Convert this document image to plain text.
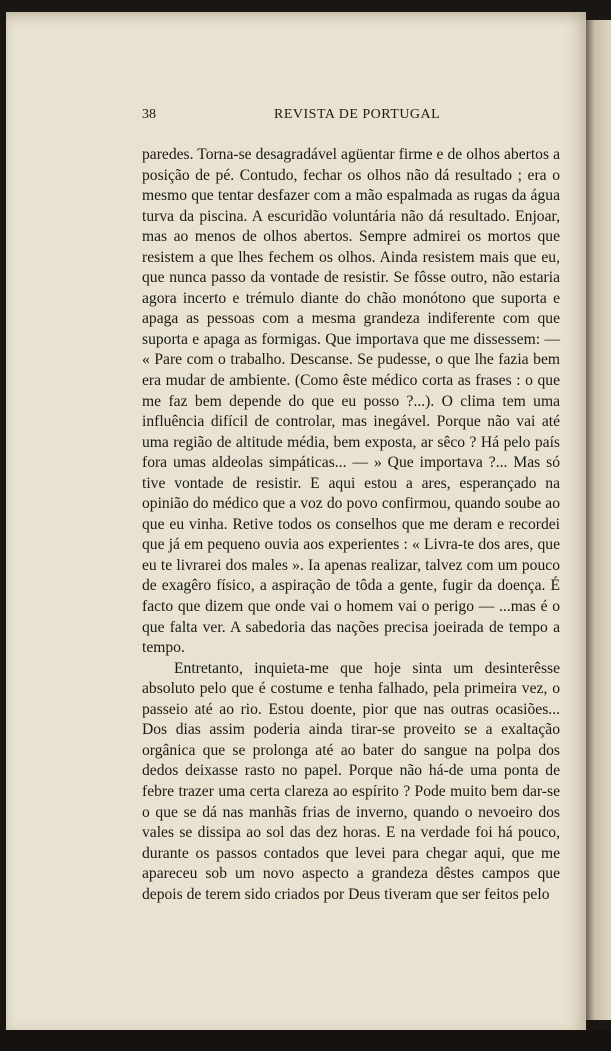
38	REVISTA DE PORTUGAL

paredes. Torna-se desagradável agüentar firme e de olhos abertos a posição de pé. Contudo, fechar os olhos não dá resultado ; era o mesmo que tentar desfazer com a mão espalmada as rugas da água turva da piscina. A escuridão voluntária não dá resultado. Enjoar, mas ao menos de olhos abertos. Sempre admirei os mortos que resistem a que lhes fechem os olhos. Ainda resistem mais que eu, que nunca passo da vontade de resistir. Se fôsse outro, não estaria agora incerto e trémulo diante do chão monótono que suporta e apaga as pessoas com a mesma grandeza indiferente com que suporta e apaga as formigas. Que importava que me dissessem: — « Pare com o trabalho. Descanse. Se pudesse, o que lhe fazia bem era mudar de ambiente. (Como êste médico corta as frases : o que me faz bem depende do que eu posso ?...). O clima tem uma influência difícil de controlar, mas inegável. Porque não vai até uma região de altitude média, bem exposta, ar sêco ? Há pelo país fora umas aldeolas simpáticas... — » Que importava ?... Mas só tive vontade de resistir. E aqui estou a ares, esperançado na opinião do médico que a voz do povo confirmou, quando soube ao que eu vinha. Retive todos os conselhos que me deram e recordei que já em pequeno ouvia aos experientes : « Livra-te dos ares, que eu te livrarei dos males ». Ia apenas realizar, talvez com um pouco de exagêro físico, a aspiração de tôda a gente, fugir da doença. É facto que dizem que onde vai o homem vai o perigo — ...mas é o que falta ver. A sabedoria das nações precisa joeirada de tempo a tempo.

Entretanto, inquieta-me que hoje sinta um desinterêsse absoluto pelo que é costume e tenha falhado, pela primeira vez, o passeio até ao rio. Estou doente, pior que nas outras ocasiões... Dos dias assim poderia ainda tirar-se proveito se a exaltação orgânica que se prolonga até ao bater do sangue na polpa dos dedos deixasse rasto no papel. Porque não há-de uma ponta de febre trazer uma certa clareza ao espírito ? Pode muito bem dar-se o que se dá nas manhãs frias de inverno, quando o nevoeiro dos vales se dissipa ao sol das dez horas. E na verdade foi há pouco, durante os passos contados que levei para chegar aqui, que me apareceu sob um novo aspecto a grandeza dêstes campos que depois de terem sido criados por Deus tiveram que ser feitos pelo
